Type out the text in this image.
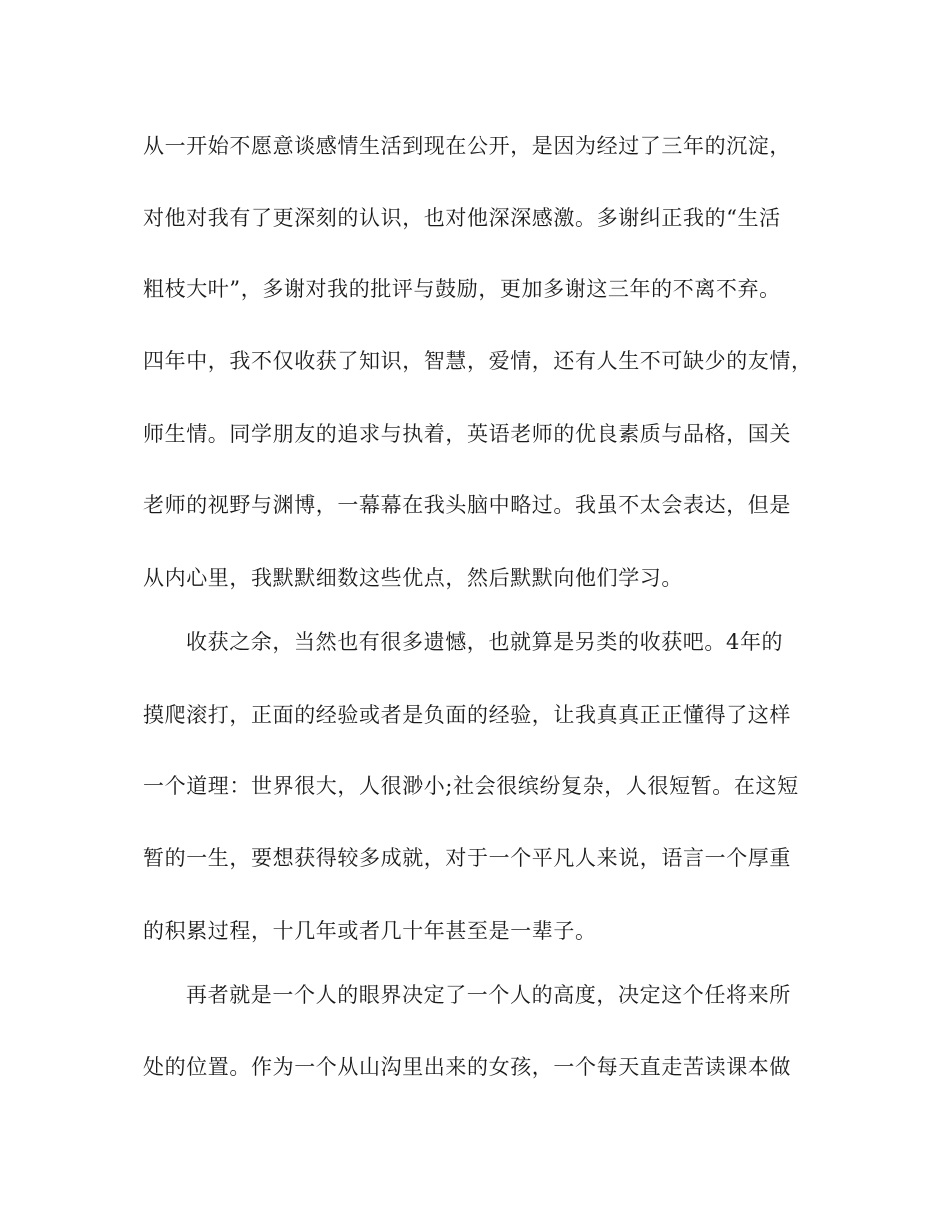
从一开始不愿意谈感情生活到现在公开，是因为经过了三年的沉淀，
对他对我有了更深刻的认识，也对他深深感激。多谢纠正我的“生活
粗枝大叶”，多谢对我的批评与鼓励，更加多谢这三年的不离不弃。
四年中，我不仅收获了知识，智慧，爱情，还有人生不可缺少的友情，
师生情。同学朋友的追求与执着，英语老师的优良素质与品格，国关
老师的视野与渊博，一幕幕在我头脑中略过。我虽不太会表达，但是
从内心里，我默默细数这些优点，然后默默向他们学习。
收获之余，当然也有很多遗憾，也就算是另类的收获吧。4年的
摸爬滚打，正面的经验或者是负面的经验，让我真真正正懂得了这样
一个道理：世界很大，人很渺小;社会很缤纷复杂，人很短暂。在这短
暂的一生，要想获得较多成就，对于一个平凡人来说，语言一个厚重
的积累过程，十几年或者几十年甚至是一辈子。
再者就是一个人的眼界决定了一个人的高度，决定这个任将来所
处的位置。作为一个从山沟里出来的女孩，一个每天直走苦读课本做
